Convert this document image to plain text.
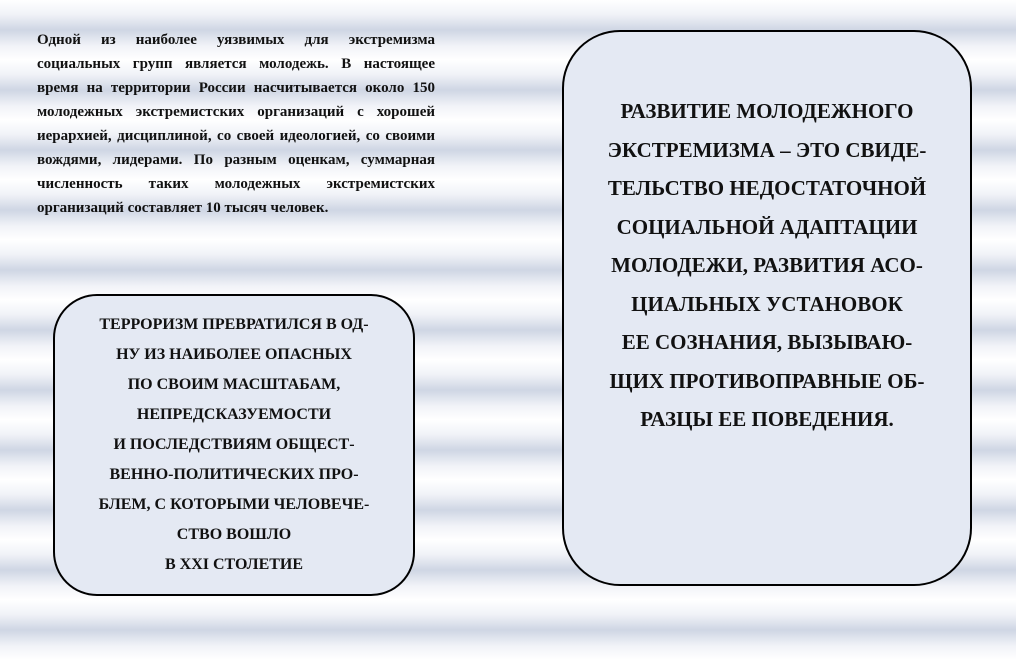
Одной из наиболее уязвимых для экстремизма социальных групп является молодежь. В настоящее время на территории России насчитывается около 150 молодежных экстремистских организаций с хорошей иерархией, дисциплиной, со своей идеологией, со своими вождями, лидерами. По разным оценкам, суммарная численность таких молодежных экстремистских организаций составляет 10 тысяч человек.

ТЕРРОРИЗМ ПРЕВРАТИЛСЯ В ОД-
НУ ИЗ НАИБОЛЕЕ ОПАСНЫХ
ПО СВОИМ МАСШТАБАМ,
НЕПРЕДСКАЗУЕМОСТИ
И ПОСЛЕДСТВИЯМ ОБЩЕСТ-
ВЕННО-ПОЛИТИЧЕСКИХ ПРО-
БЛЕМ, С КОТОРЫМИ ЧЕЛОВЕЧЕ-
СТВО ВОШЛО
В XXI СТОЛЕТИЕ
РАЗВИТИЕ МОЛОДЕЖНОГО
ЭКСТРЕМИЗМА – ЭТО СВИДЕ-
ТЕЛЬСТВО НЕДОСТАТОЧНОЙ
СОЦИАЛЬНОЙ АДАПТАЦИИ
МОЛОДЕЖИ, РАЗВИТИЯ АСО-
ЦИАЛЬНЫХ УСТАНОВОК
ЕЕ СОЗНАНИЯ, ВЫЗЫВАЮ-
ЩИХ ПРОТИВОПРАВНЫЕ ОБ-
РАЗЦЫ ЕЕ ПОВЕДЕНИЯ.
